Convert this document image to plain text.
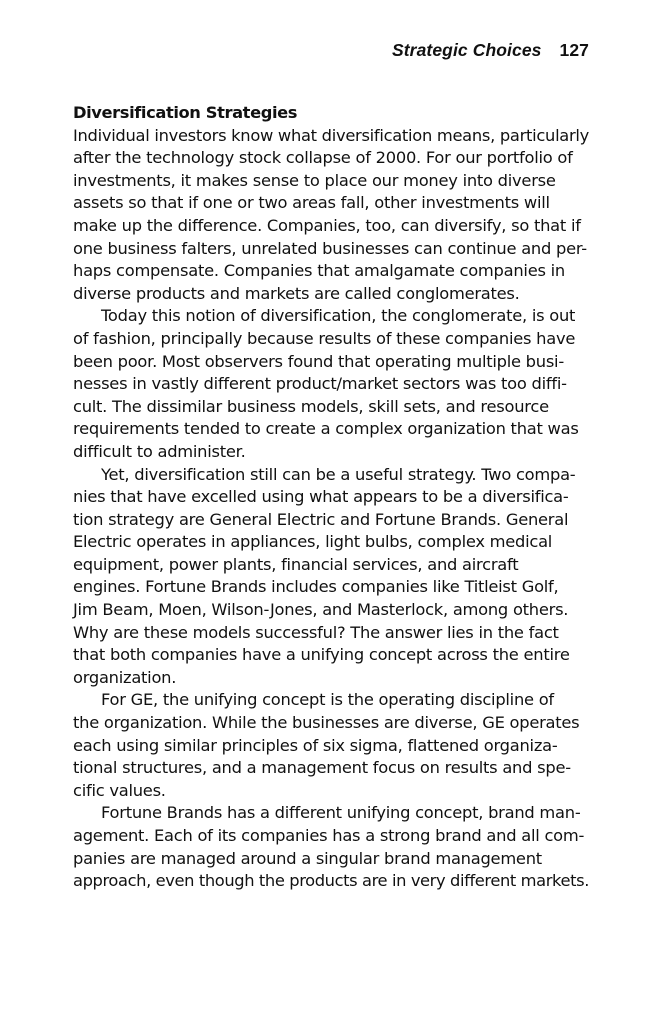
Strategic Choices 127
Diversification Strategies
Individual investors know what diversification means, particularly
after the technology stock collapse of 2000. For our portfolio of
investments, it makes sense to place our money into diverse
assets so that if one or two areas fall, other investments will
make up the difference. Companies, too, can diversify, so that if
one business falters, unrelated businesses can continue and per-
haps compensate. Companies that amalgamate companies in
diverse products and markets are called conglomerates.
Today this notion of diversification, the conglomerate, is out
of fashion, principally because results of these companies have
been poor. Most observers found that operating multiple busi-
nesses in vastly different product/market sectors was too diffi-
cult. The dissimilar business models, skill sets, and resource
requirements tended to create a complex organization that was
difficult to administer.
Yet, diversification still can be a useful strategy. Two compa-
nies that have excelled using what appears to be a diversifica-
tion strategy are General Electric and Fortune Brands. General
Electric operates in appliances, light bulbs, complex medical
equipment, power plants, financial services, and aircraft
engines. Fortune Brands includes companies like Titleist Golf,
Jim Beam, Moen, Wilson-Jones, and Masterlock, among others.
Why are these models successful? The answer lies in the fact
that both companies have a unifying concept across the entire
organization.
For GE, the unifying concept is the operating discipline of
the organization. While the businesses are diverse, GE operates
each using similar principles of six sigma, flattened organiza-
tional structures, and a management focus on results and spe-
cific values.
Fortune Brands has a different unifying concept, brand man-
agement. Each of its companies has a strong brand and all com-
panies are managed around a singular brand management
approach, even though the products are in very different markets.
